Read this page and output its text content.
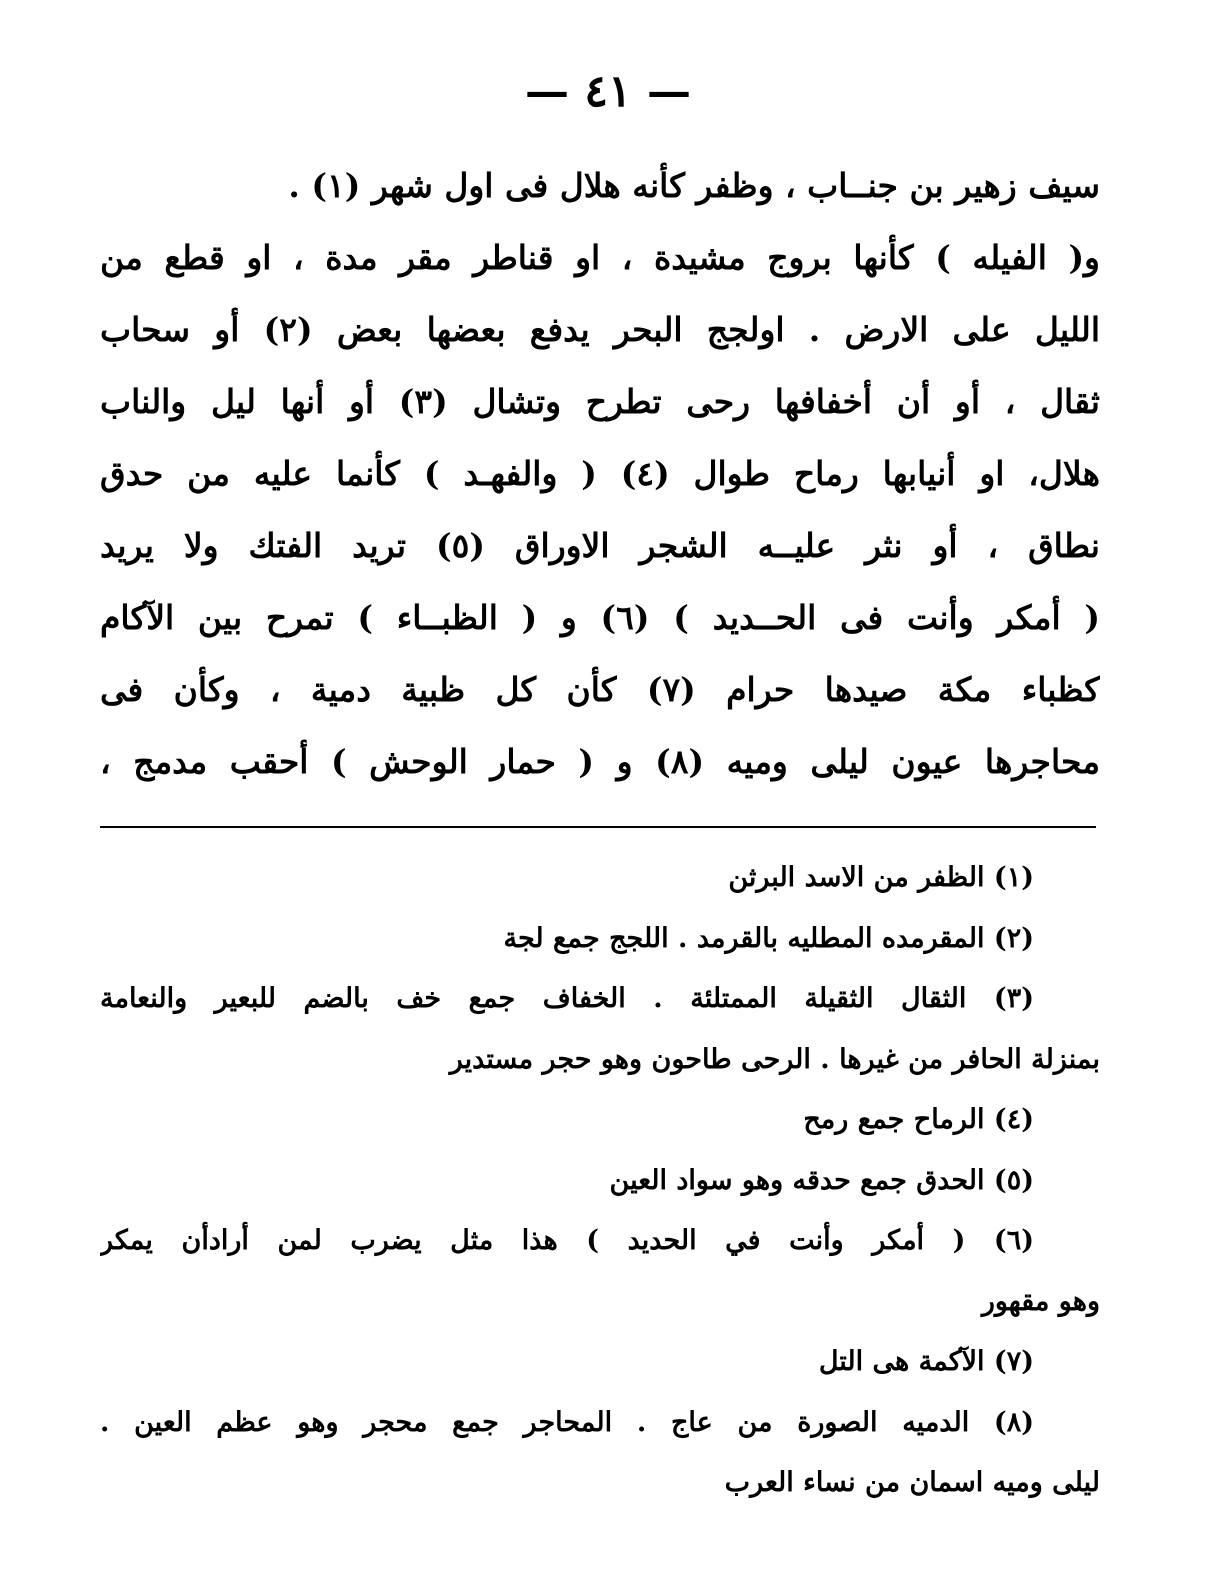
— ٤١ —
سيف زهير بن جنــاب ، وظفر كأنه هلال فى اول شهر (١) .
و( الفيله ) كأنها بروج مشيدة ، او قناطر مقر مدة ، او قطع من
الليل على الارض . اولجج البحر يدفع بعضها بعض (٢) أو سحاب
ثقال ، أو أن أخفافها رحى تطرح وتشال (٣) أو أنها ليل والناب
هلال، او أنيابها رماح طوال (٤) ( والفهـد ) كأنما عليه من حدق
نطاق ، أو نثر عليــه الشجر الاوراق (٥) تريد الفتك ولا يريد
( أمكر وأنت فى الحــديد ) (٦) و ( الظبــاء ) تمرح بين الآكام
كظباء مكة صيدها حرام (٧) كأن كل ظبية دمية ، وكأن فى
محاجرها عيون ليلى وميه (٨) و ( حمار الوحش ) أحقب مدمج ،
(١) الظفر من الاسد البرثن
(٢) المقرمده المطليه بالقرمد . اللجج جمع لجة
(٣) الثقال الثقيلة الممتلئة . الخفاف جمع خف بالضم للبعير والنعامة
بمنزلة الحافر من غيرها . الرحى طاحون وهو حجر مستدير
(٤) الرماح جمع رمح
(٥) الحدق جمع حدقه وهو سواد العين
(٦) ( أمكر وأنت في الحديد ) هذا مثل يضرب لمن أرادأن يمكر
وهو مقهور
(٧) الآكمة هى التل
(٨) الدميه الصورة من عاج . المحاجر جمع محجر وهو عظم العين .
ليلى وميه اسمان من نساء العرب
